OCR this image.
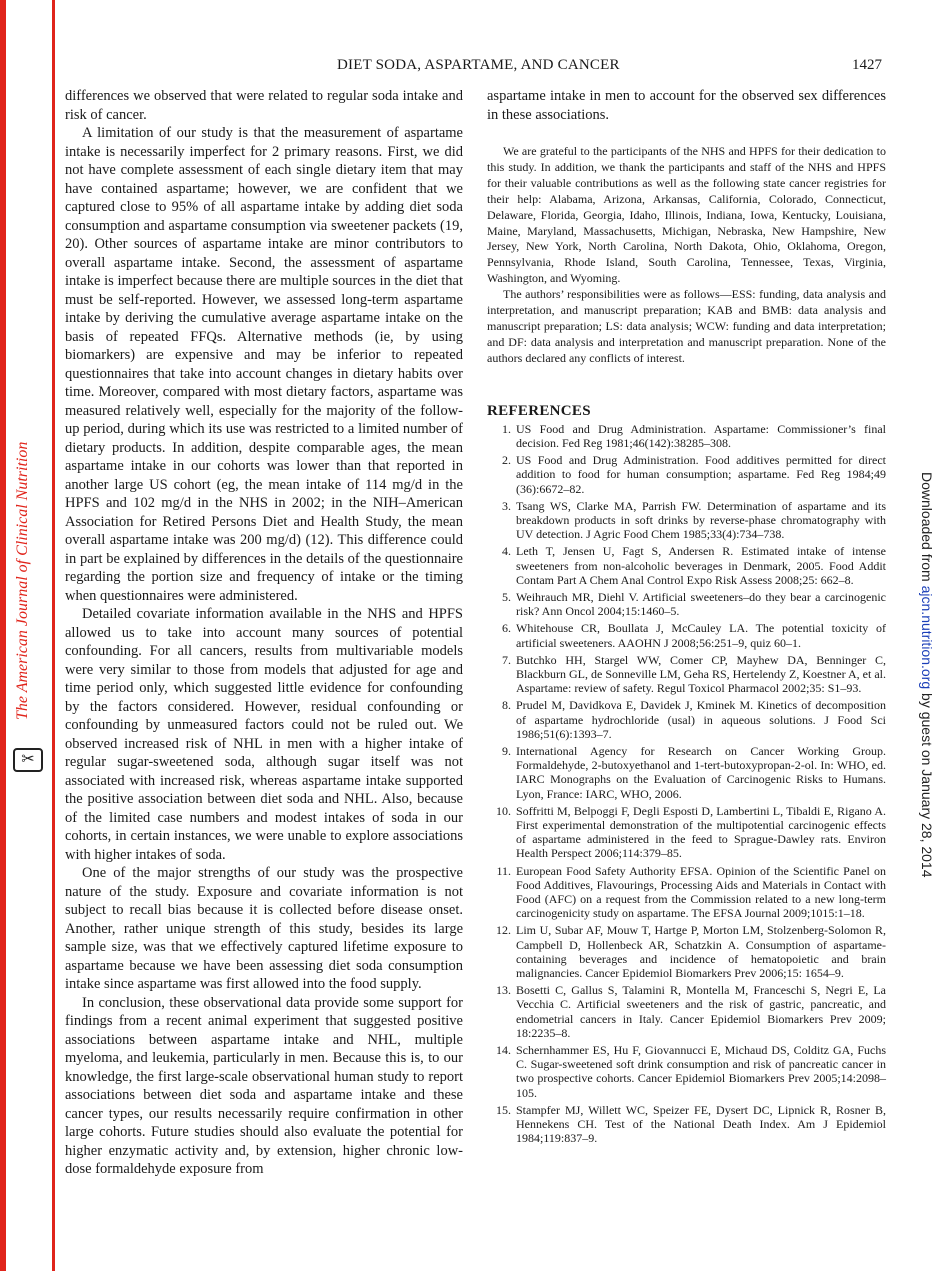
The American Journal of Clinical Nutrition
✂
Downloaded from ajcn.nutrition.org by guest on January 28, 2014
DIET SODA, ASPARTAME, AND CANCER	1427

differences we observed that were related to regular soda intake and risk of cancer.

A limitation of our study is that the measurement of aspartame intake is necessarily imperfect for 2 primary reasons. First, we did not have complete assessment of each single dietary item that may have contained aspartame; however, we are confident that we captured close to 95% of all aspartame intake by adding diet soda consumption and aspartame consumption via sweetener packets (19, 20). Other sources of aspartame intake are minor contributors to overall aspartame intake. Second, the assessment of aspartame intake is imperfect because there are multiple sources in the diet that must be self-reported. However, we assessed long-term aspartame intake by deriving the cumulative average aspartame intake on the basis of repeated FFQs. Alternative methods (ie, by using biomarkers) are expensive and may be inferior to repeated questionnaires that take into account changes in dietary habits over time. Moreover, compared with most dietary factors, aspartame was measured relatively well, especially for the majority of the follow-up period, during which its use was restricted to a limited number of dietary products. In addition, despite comparable ages, the mean aspartame intake in our cohorts was lower than that reported in another large US cohort (eg, the mean intake of 114 mg/d in the HPFS and 102 mg/d in the NHS in 2002; in the NIH–American Association for Retired Persons Diet and Health Study, the mean overall aspartame intake was 200 mg/d) (12). This difference could in part be explained by differences in the details of the questionnaire regarding the portion size and frequency of intake or the timing when questionnaires were administered.

Detailed covariate information available in the NHS and HPFS allowed us to take into account many sources of potential confounding. For all cancers, results from multivariable models were very similar to those from models that adjusted for age and time period only, which suggested little evidence for confounding by the factors considered. However, residual confounding or confounding by unmeasured factors could not be ruled out. We observed increased risk of NHL in men with a higher intake of regular sugar-sweetened soda, although sugar itself was not associated with increased risk, whereas aspartame intake supported the positive association between diet soda and NHL. Also, because of the limited case numbers and modest intakes of soda in our cohorts, in certain instances, we were unable to explore associations with higher intakes of soda.

One of the major strengths of our study was the prospective nature of the study. Exposure and covariate information is not subject to recall bias because it is collected before disease onset. Another, rather unique strength of this study, besides its large sample size, was that we effectively captured lifetime exposure to aspartame because we have been assessing diet soda consumption intake since aspartame was first allowed into the food supply.

In conclusion, these observational data provide some support for findings from a recent animal experiment that suggested positive associations between aspartame intake and NHL, multiple myeloma, and leukemia, particularly in men. Because this is, to our knowledge, the first large-scale observational human study to report associations between diet soda and aspartame intake and these cancer types, our results necessarily require confirmation in other large cohorts. Future studies should also evaluate the potential for higher enzymatic activity and, by extension, higher chronic low-dose formaldehyde exposure from

aspartame intake in men to account for the observed sex differences in these associations.

We are grateful to the participants of the NHS and HPFS for their dedication to this study. In addition, we thank the participants and staff of the NHS and HPFS for their valuable contributions as well as the following state cancer registries for their help: Alabama, Arizona, Arkansas, California, Colorado, Connecticut, Delaware, Florida, Georgia, Idaho, Illinois, Indiana, Iowa, Kentucky, Louisiana, Maine, Maryland, Massachusetts, Michigan, Nebraska, New Hampshire, New Jersey, New York, North Carolina, North Dakota, Ohio, Oklahoma, Oregon, Pennsylvania, Rhode Island, South Carolina, Tennessee, Texas, Virginia, Washington, and Wyoming.

The authors’ responsibilities were as follows—ESS: funding, data analysis and interpretation, and manuscript preparation; KAB and BMB: data analysis and manuscript preparation; LS: data analysis; WCW: funding and data interpretation; and DF: data analysis and interpretation and manuscript preparation. None of the authors declared any conflicts of interest.

REFERENCES
1. US Food and Drug Administration. Aspartame: Commissioner’s final decision. Fed Reg 1981;46(142):38285–308.
2. US Food and Drug Administration. Food additives permitted for direct addition to food for human consumption; aspartame. Fed Reg 1984;49 (36):6672–82.
3. Tsang WS, Clarke MA, Parrish FW. Determination of aspartame and its breakdown products in soft drinks by reverse-phase chromatography with UV detection. J Agric Food Chem 1985;33(4):734–738.
4. Leth T, Jensen U, Fagt S, Andersen R. Estimated intake of intense sweeteners from non-alcoholic beverages in Denmark, 2005. Food Addit Contam Part A Chem Anal Control Expo Risk Assess 2008;25: 662–8.
5. Weihrauch MR, Diehl V. Artificial sweeteners–do they bear a carcinogenic risk? Ann Oncol 2004;15:1460–5.
6. Whitehouse CR, Boullata J, McCauley LA. The potential toxicity of artificial sweeteners. AAOHN J 2008;56:251–9, quiz 60–1.
7. Butchko HH, Stargel WW, Comer CP, Mayhew DA, Benninger C, Blackburn GL, de Sonneville LM, Geha RS, Hertelendy Z, Koestner A, et al. Aspartame: review of safety. Regul Toxicol Pharmacol 2002;35: S1–93.
8. Prudel M, Davidkova E, Davidek J, Kminek M. Kinetics of decomposition of aspartame hydrochloride (usal) in aqueous solutions. J Food Sci 1986;51(6):1393–7.
9. International Agency for Research on Cancer Working Group. Formaldehyde, 2-butoxyethanol and 1-tert-butoxypropan-2-ol. In: WHO, ed. IARC Monographs on the Evaluation of Carcinogenic Risks to Humans. Lyon, France: IARC, WHO, 2006.
10. Soffritti M, Belpoggi F, Degli Esposti D, Lambertini L, Tibaldi E, Rigano A. First experimental demonstration of the multipotential carcinogenic effects of aspartame administered in the feed to Sprague-Dawley rats. Environ Health Perspect 2006;114:379–85.
11. European Food Safety Authority EFSA. Opinion of the Scientific Panel on Food Additives, Flavourings, Processing Aids and Materials in Contact with Food (AFC) on a request from the Commission related to a new long-term carcinogenicity study on aspartame. The EFSA Journal 2009;1015:1–18.
12. Lim U, Subar AF, Mouw T, Hartge P, Morton LM, Stolzenberg-Solomon R, Campbell D, Hollenbeck AR, Schatzkin A. Consumption of aspartame-containing beverages and incidence of hematopoietic and brain malignancies. Cancer Epidemiol Biomarkers Prev 2006;15: 1654–9.
13. Bosetti C, Gallus S, Talamini R, Montella M, Franceschi S, Negri E, La Vecchia C. Artificial sweeteners and the risk of gastric, pancreatic, and endometrial cancers in Italy. Cancer Epidemiol Biomarkers Prev 2009; 18:2235–8.
14. Schernhammer ES, Hu F, Giovannucci E, Michaud DS, Colditz GA, Fuchs C. Sugar-sweetened soft drink consumption and risk of pancreatic cancer in two prospective cohorts. Cancer Epidemiol Biomarkers Prev 2005;14:2098–105.
15. Stampfer MJ, Willett WC, Speizer FE, Dysert DC, Lipnick R, Rosner B, Hennekens CH. Test of the National Death Index. Am J Epidemiol 1984;119:837–9.
